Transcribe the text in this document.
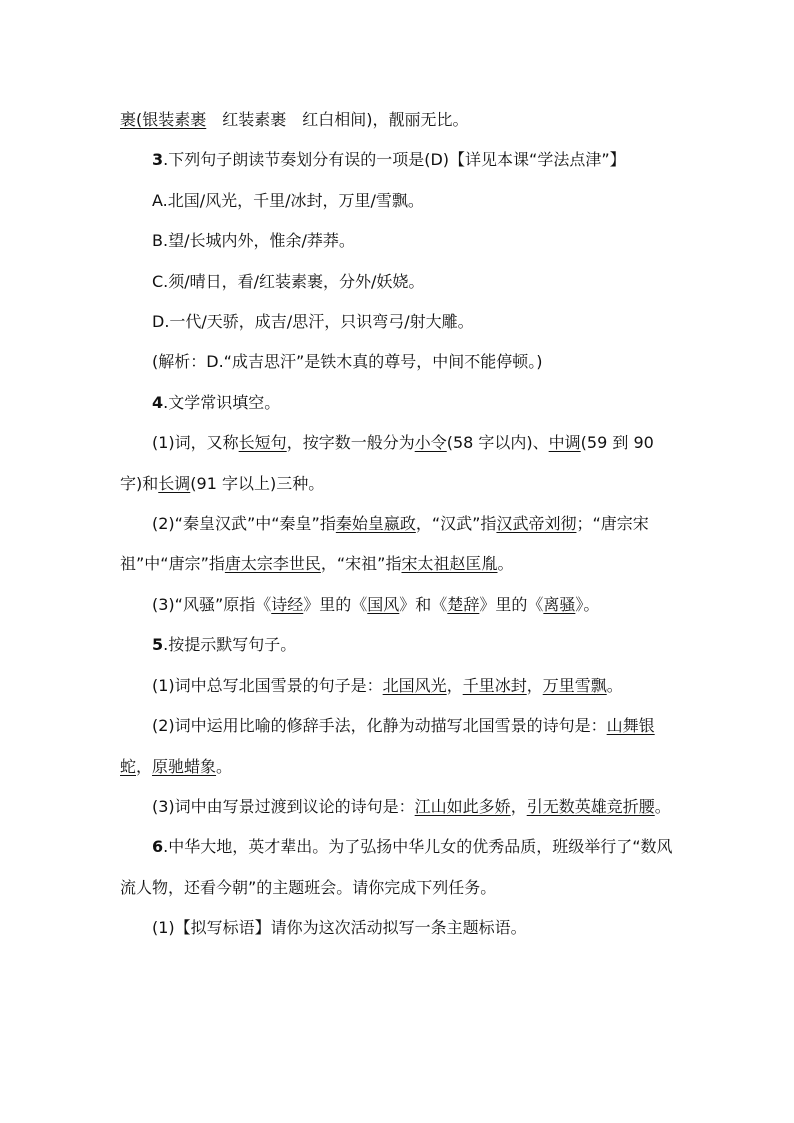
裹(银装素裹 红装素裹 红白相间)，靓丽无比。

3.下列句子朗读节奏划分有误的一项是(D)【详见本课“学法点津”】

A.北国/风光，千里/冰封，万里/雪飘。

B.望/长城内外，惟余/莽莽。

C.须/晴日，看/红装素裹，分外/妖娆。

D.一代/天骄，成吉/思汗，只识弯弓/射大雕。

(解析：D.“成吉思汗”是铁木真的尊号，中间不能停顿。)

4.文学常识填空。

(1)词，又称长短句，按字数一般分为小令(58 字以内)、中调(59 到 90 字)和长调(91 字以上)三种。

(2)“秦皇汉武”中“秦皇”指秦始皇嬴政，“汉武”指汉武帝刘彻；“唐宗宋祖”中“唐宗”指唐太宗李世民，“宋祖”指宋太祖赵匡胤。

(3)“风骚”原指《诗经》里的《国风》和《楚辞》里的《离骚》。

5.按提示默写句子。

(1)词中总写北国雪景的句子是：北国风光，千里冰封，万里雪飘。

(2)词中运用比喻的修辞手法，化静为动描写北国雪景的诗句是：山舞银蛇，原驰蜡象。

(3)词中由写景过渡到议论的诗句是：江山如此多娇，引无数英雄竞折腰。

6.中华大地，英才辈出。为了弘扬中华儿女的优秀品质，班级举行了“数风流人物，还看今朝”的主题班会。请你完成下列任务。

(1)【拟写标语】请你为这次活动拟写一条主题标语。
